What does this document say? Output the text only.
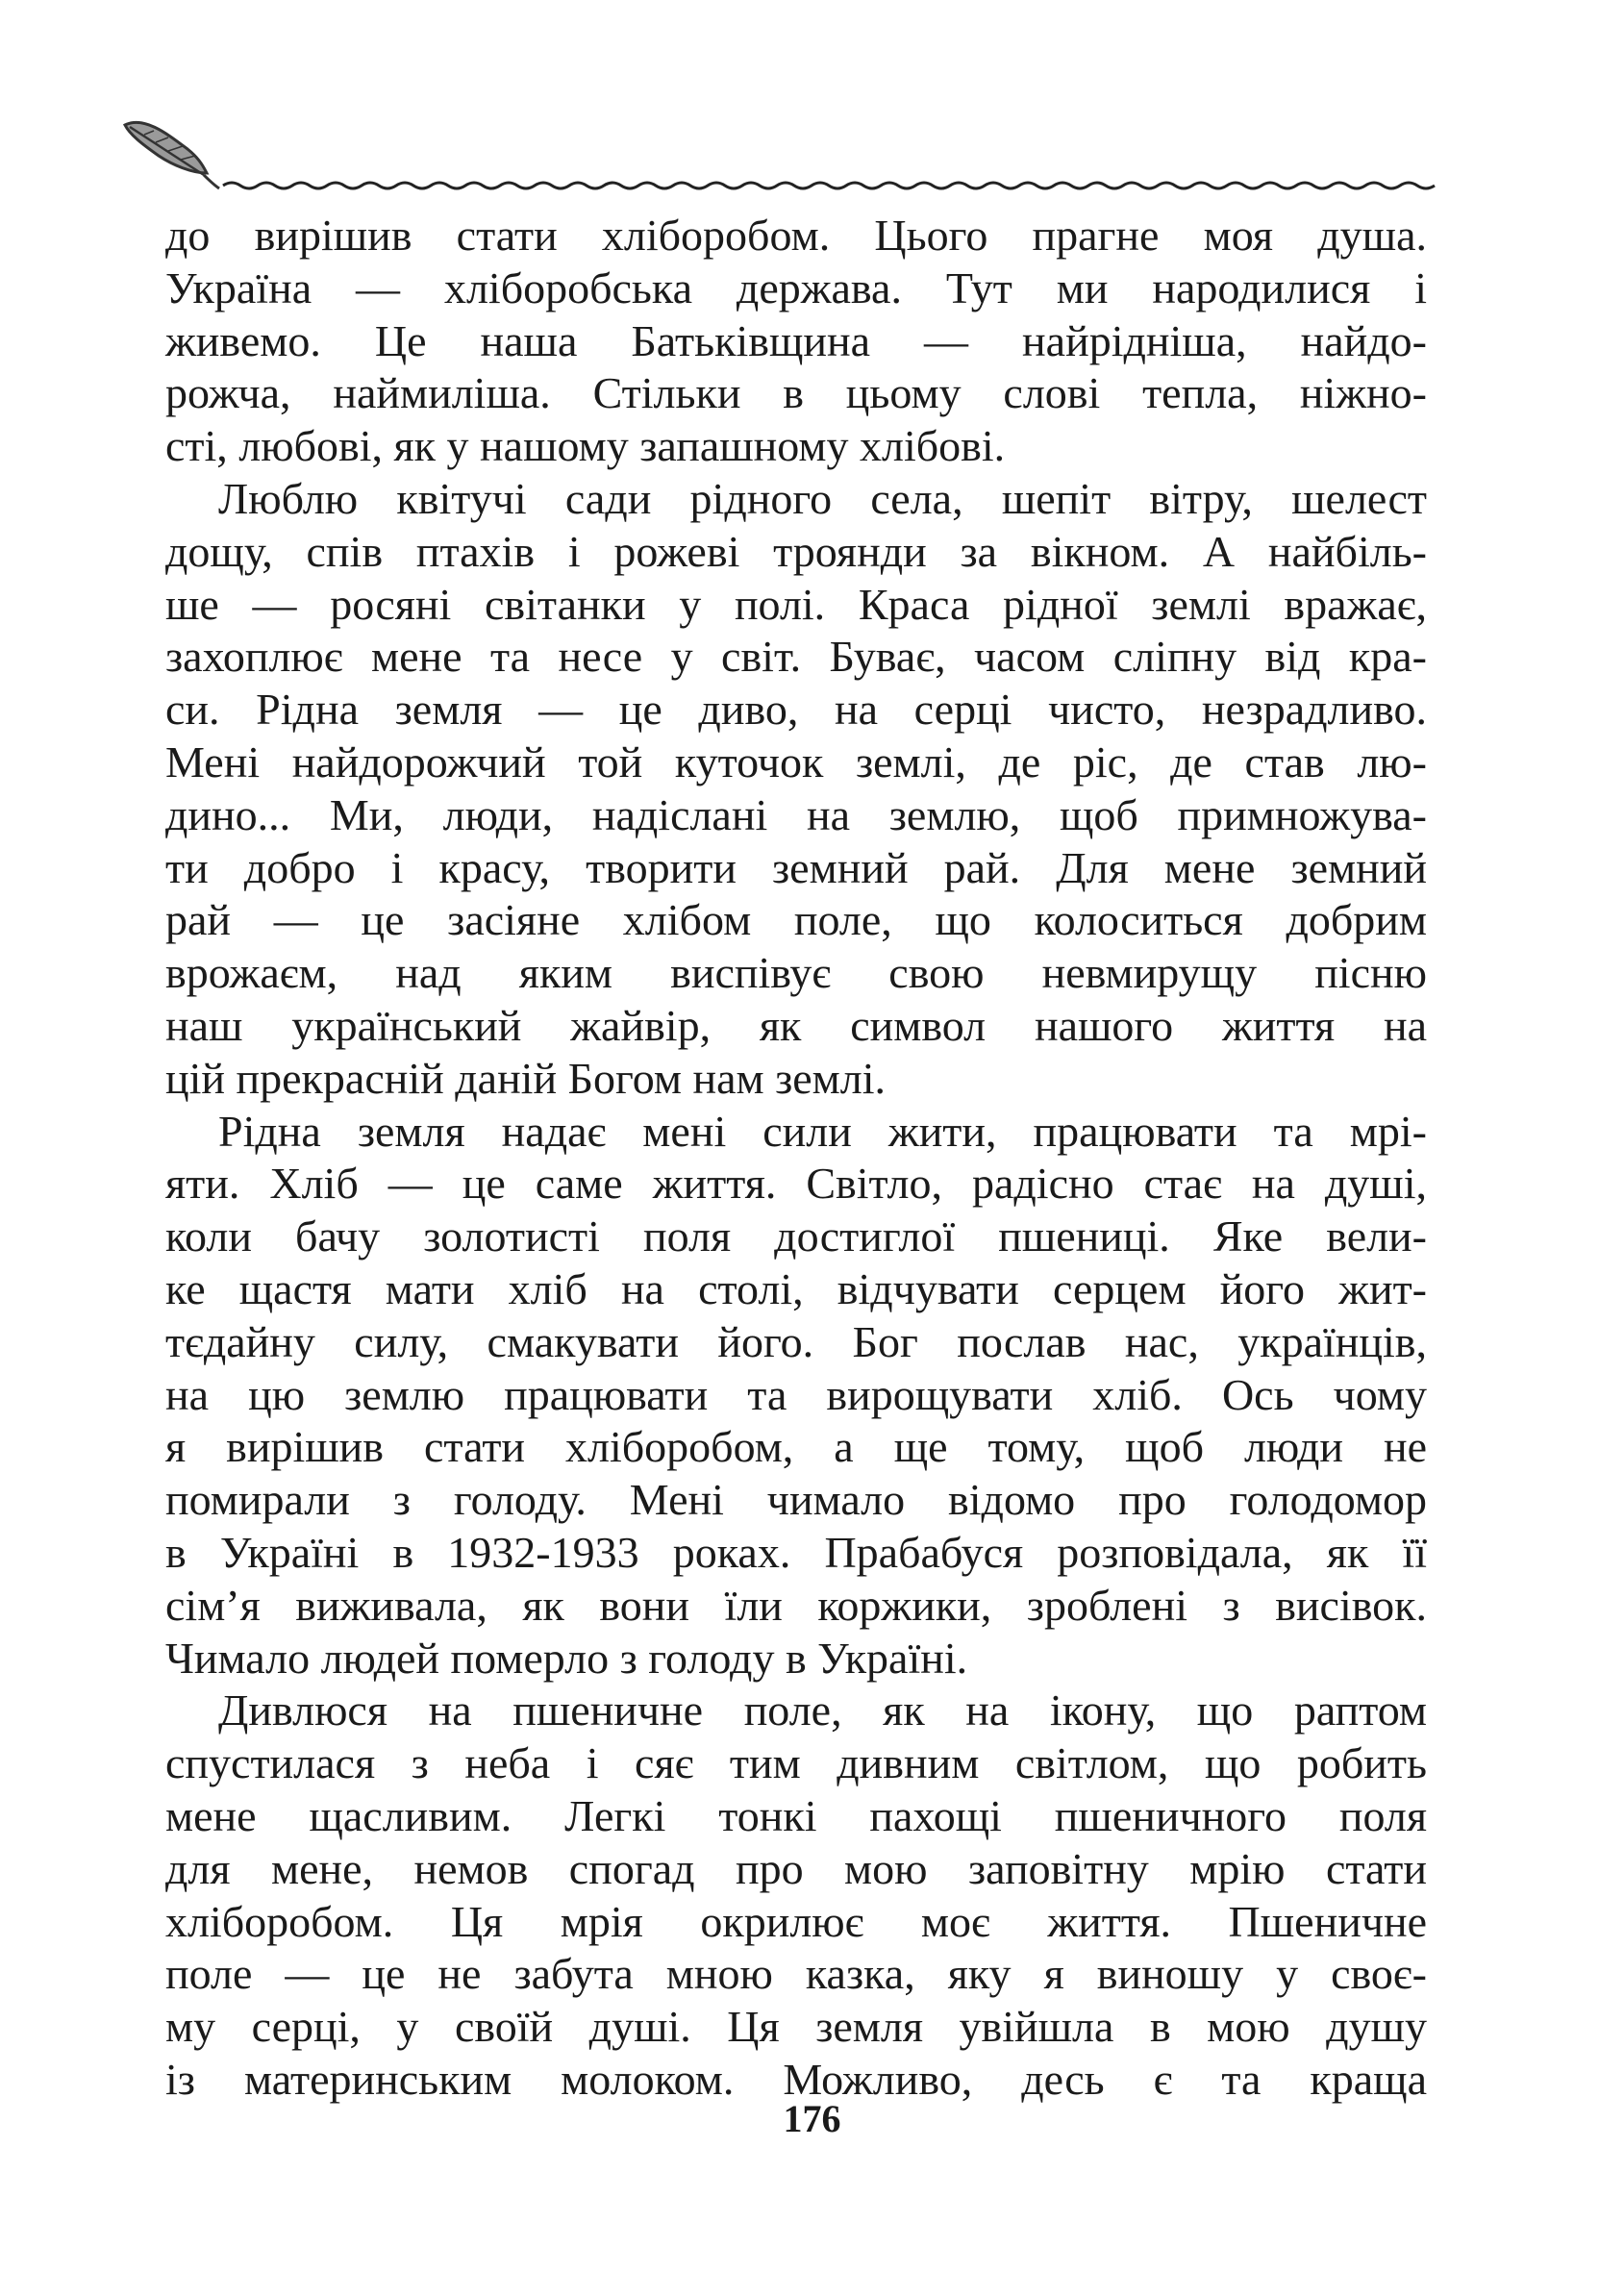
до вирішив стати хліборобом. Цього прагне моя душа.
Україна — хліборобська держава. Тут ми народилися і
живемо. Це наша Батьківщина — найрідніша, найдо-
рожча, наймиліша. Стільки в цьому слові тепла, ніжно-
сті, любові, як у нашому запашному хлібові.
Люблю квітучі сади рідного села, шепіт вітру, шелест
дощу, спів птахів і рожеві троянди за вікном. А найбіль-
ше — росяні світанки у полі. Краса рідної землі вражає,
захоплює мене та несе у світ. Буває, часом сліпну від кра-
си. Рідна земля — це диво, на серці чисто, незрадливо.
Мені найдорожчий той куточок землі, де ріс, де став лю-
дино... Ми, люди, надіслані на землю, щоб примножува-
ти добро і красу, творити земний рай. Для мене земний
рай — це засіяне хлібом поле, що колоситься добрим
врожаєм, над яким виспівує свою невмирущу пісню
наш український жайвір, як символ нашого життя на
цій прекрасній даній Богом нам землі.
Рідна земля надає мені сили жити, працювати та мрі-
яти. Хліб — це саме життя. Світло, радісно стає на душі,
коли бачу золотисті поля достиглої пшениці. Яке вели-
ке щастя мати хліб на столі, відчувати серцем його жит-
тєдайну силу, смакувати його. Бог послав нас, українців,
на цю землю працювати та вирощувати хліб. Ось чому
я вирішив стати хліборобом, а ще тому, щоб люди не
помирали з голоду. Мені чимало відомо про голодомор
в Україні в 1932-1933 роках. Прабабуся розповідала, як її
сім’я виживала, як вони їли коржики, зроблені з висівок.
Чимало людей померло з голоду в Україні.
Дивлюся на пшеничне поле, як на ікону, що раптом
спустилася з неба і сяє тим дивним світлом, що робить
мене щасливим. Легкі тонкі пахощі пшеничного поля
для мене, немов спогад про мою заповітну мрію стати
хліборобом. Ця мрія окрилює моє життя. Пшеничне
поле — це не забута мною казка, яку я виношу у своє-
му серці, у своїй душі. Ця земля увійшла в мою душу
із материнським молоком. Можливо, десь є та краща
176
